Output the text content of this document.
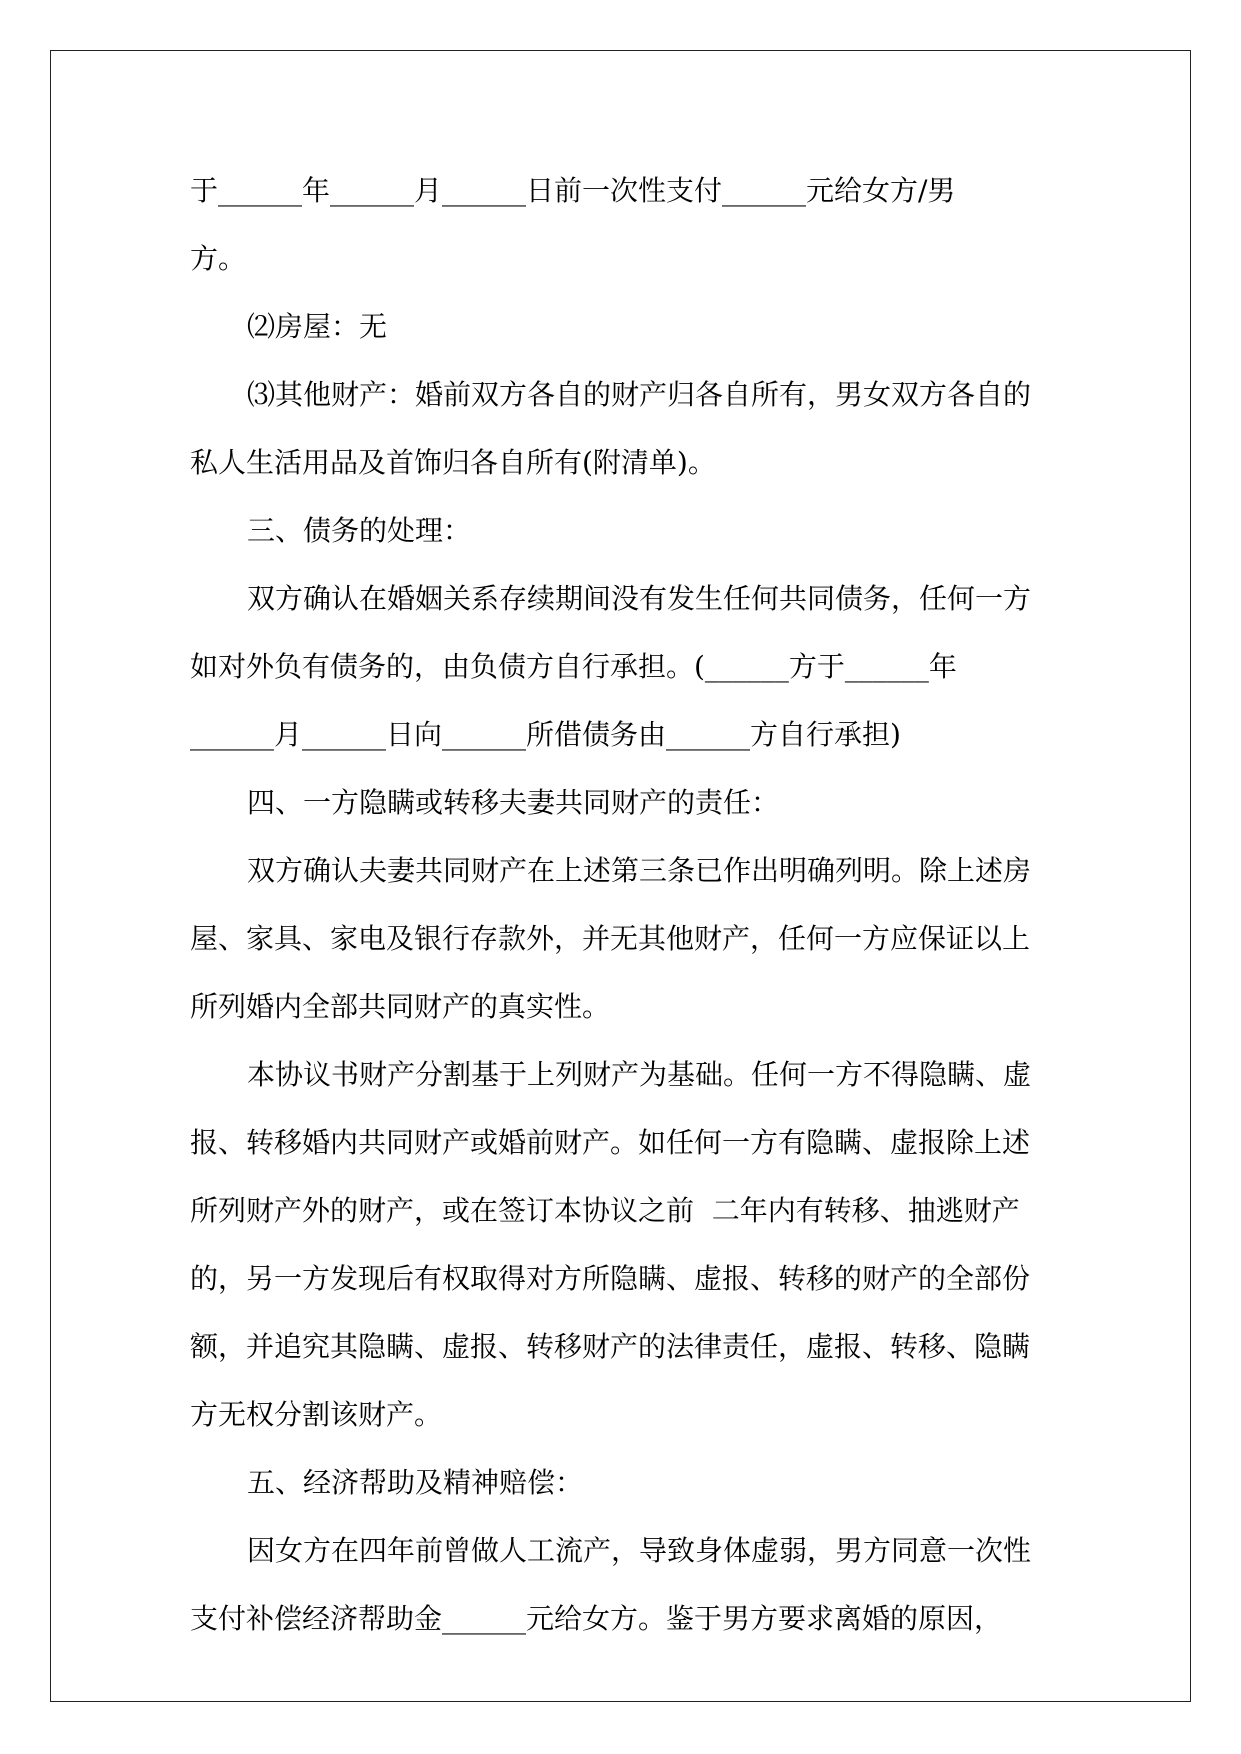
于______年______月______日前一次性支付______元给女方/男
方。
⑵房屋：无
⑶其他财产：婚前双方各自的财产归各自所有，男女双方各自的
私人生活用品及首饰归各自所有(附清单)。
三、债务的处理：
双方确认在婚姻关系存续期间没有发生任何共同债务，任何一方
如对外负有债务的，由负债方自行承担。(______方于______年
______月______日向______所借债务由______方自行承担)
四、一方隐瞒或转移夫妻共同财产的责任：
双方确认夫妻共同财产在上述第三条已作出明确列明。除上述房
屋、家具、家电及银行存款外，并无其他财产，任何一方应保证以上
所列婚内全部共同财产的真实性。
本协议书财产分割基于上列财产为基础。任何一方不得隐瞒、虚
报、转移婚内共同财产或婚前财产。如任何一方有隐瞒、虚报除上述
所列财产外的财产，或在签订本协议之前  二年内有转移、抽逃财产
的，另一方发现后有权取得对方所隐瞒、虚报、转移的财产的全部份
额，并追究其隐瞒、虚报、转移财产的法律责任，虚报、转移、隐瞒
方无权分割该财产。
五、经济帮助及精神赔偿：
因女方在四年前曾做人工流产，导致身体虚弱，男方同意一次性
支付补偿经济帮助金______元给女方。鉴于男方要求离婚的原因，
